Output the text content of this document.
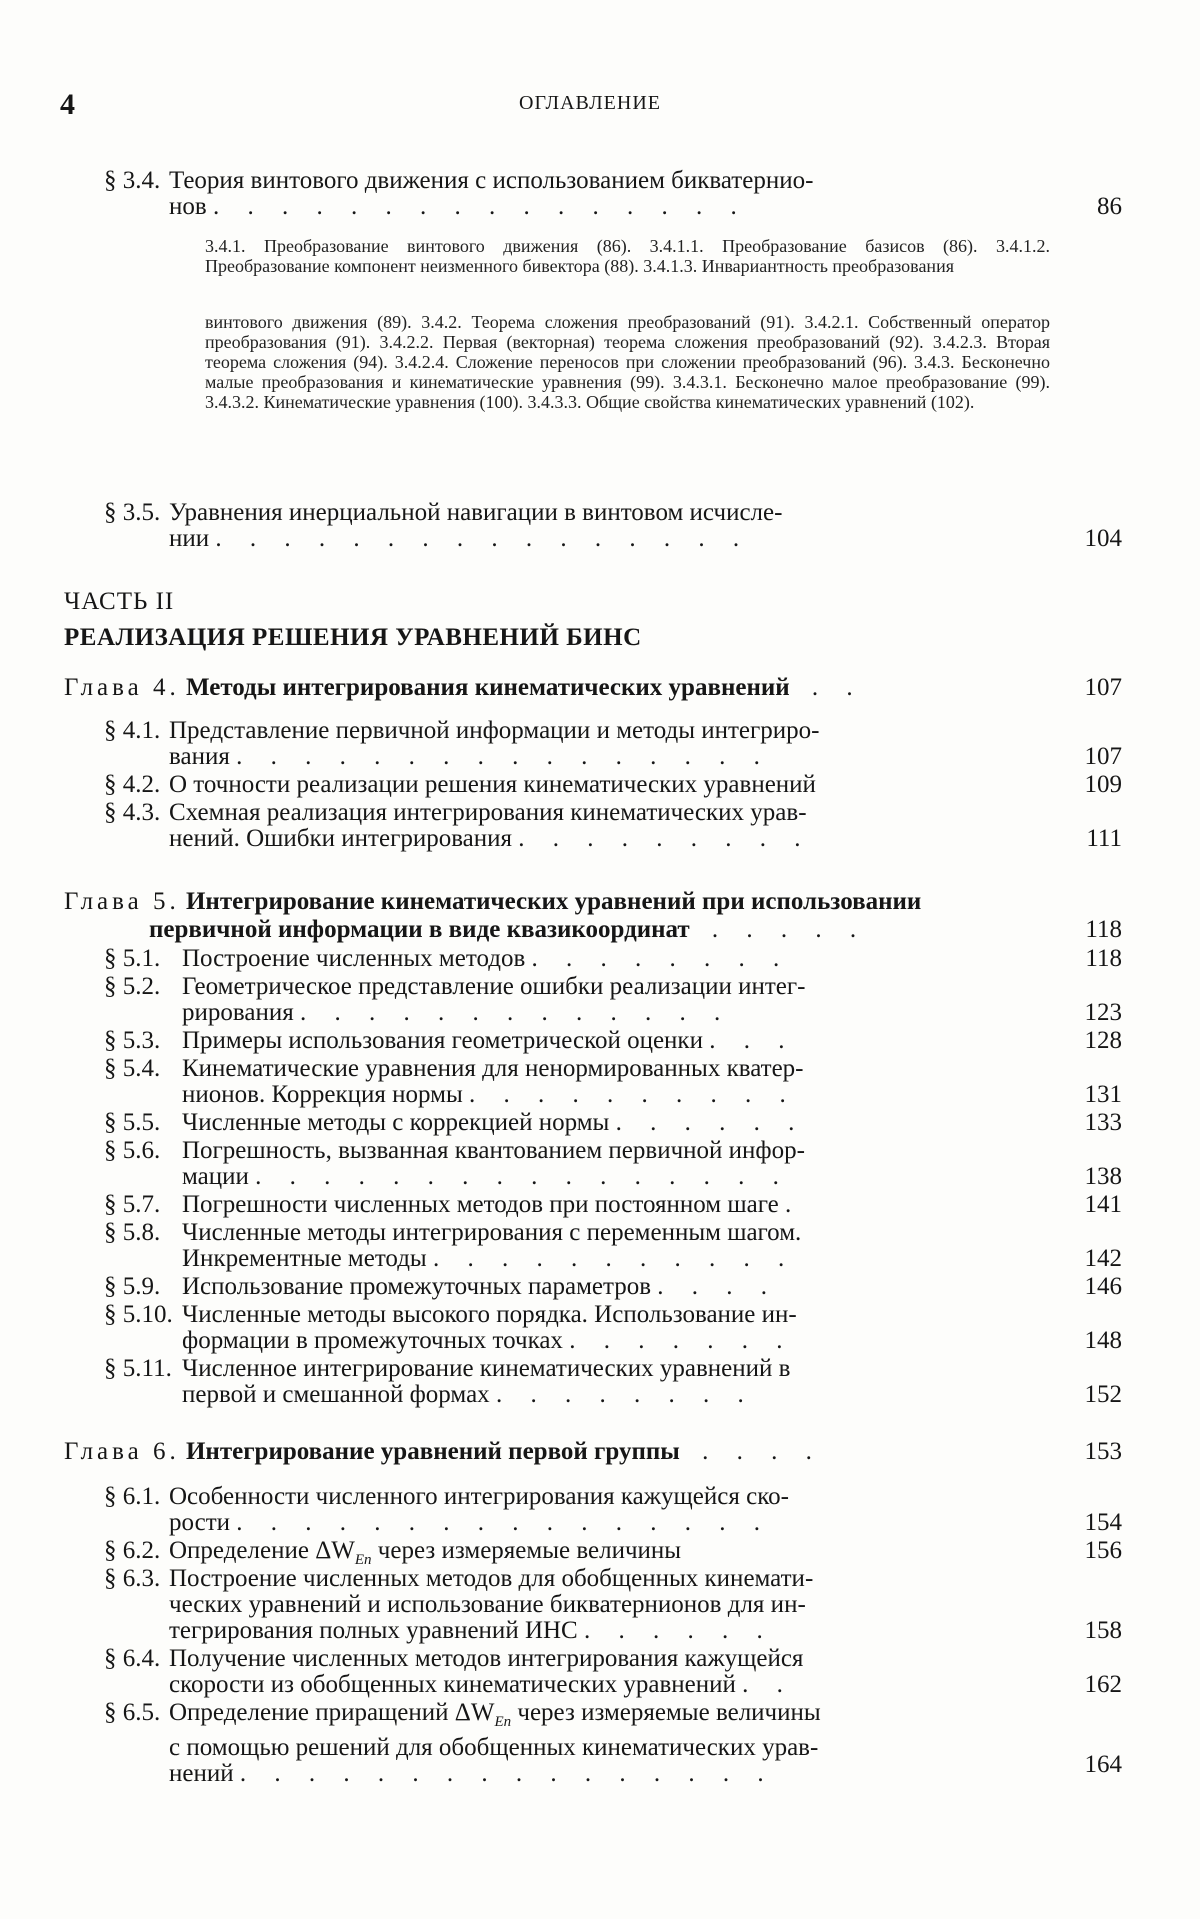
4	ОГЛАВЛЕНИЕ
§ 3.4. Теория винтового движения с использованием бикватернио-
нов . . . . . . . . . . . . . . . .	86
3.4.1. Преобразование винтового движения (86). 3.4.1.1. Преобразование базисов (86). 3.4.1.2. Преобразование компонент неизменного бивектора (88). 3.4.1.3. Инвариантность преобразования
винтового движения (89). 3.4.2. Теорема сложения преобразований (91). 3.4.2.1. Собственный оператор преобразования (91). 3.4.2.2. Первая (векторная) теорема сложения преобразований (92). 3.4.2.3. Вторая теорема сложения (94). 3.4.2.4. Сложение переносов при сложении преобразований (96). 3.4.3. Бесконечно малые преобразования и кинематические уравнения (99). 3.4.3.1. Бесконечно малое преобразование (99). 3.4.3.2. Кинематические уравнения (100). 3.4.3.3. Общие свойства кинематических уравнений (102).
§ 3.5. Уравнения инерциальной навигации в винтовом исчисле-
нии . . . . . . . . . . . . . . . .	104
ЧАСТЬ II
РЕАЛИЗАЦИЯ РЕШЕНИЯ УРАВНЕНИЙ БИНС
Глава 4. Методы интегрирования кинематических уравнений . .	107
§ 4.1. Представление первичной информации и методы интегриро-
вания . . . . . . . . . . . . . . . .	107
§ 4.2. О точности реализации решения кинематических уравнений	109
§ 4.3. Схемная реализация интегрирования кинематических урав-
нений. Ошибки интегрирования . . . . . . . . .	111
Глава 5. Интегрирование кинематических уравнений при использовании
первичной информации в виде квазикоординат . . . . .	118
§ 5.1. Построение численных методов . . . . . . . .	118
§ 5.2. Геометрическое представление ошибки реализации интег-
рирования . . . . . . . . . . . . .	123
§ 5.3. Примеры использования геометрической оценки . . .	128
§ 5.4. Кинематические уравнения для ненормированных кватер-
нионов. Коррекция нормы . . . . . . . . . .	131
§ 5.5. Численные методы с коррекцией нормы . . . . . .	133
§ 5.6. Погрешность, вызванная квантованием первичной инфор-
мации . . . . . . . . . . . . . . . .	138
§ 5.7. Погрешности численных методов при постоянном шаге .	141
§ 5.8. Численные методы интегрирования с переменным шагом.
Инкрементные методы . . . . . . . . . . .	142
§ 5.9. Использование промежуточных параметров . . . .	146
§ 5.10. Численные методы высокого порядка. Использование ин-
формации в промежуточных точках . . . . . . .	148
§ 5.11. Численное интегрирование кинематических уравнений в
первой и смешанной формах . . . . . . . .	152
Глава 6. Интегрирование уравнений первой группы . . . .	153
§ 6.1. Особенности численного интегрирования кажущейся ско-
рости . . . . . . . . . . . . . . . .	154
§ 6.2. Определение $\Delta W_{En}$ через измеряемые величины	156
§ 6.3. Построение численных методов для обобщенных кинемати-
ческих уравнений и использование бикватернионов для ин-
тегрирования полных уравнений ИНС . . . . . .	158
§ 6.4. Получение численных методов интегрирования кажущейся
скорости из обобщенных кинематических уравнений . .	162
§ 6.5. Определение приращений $\Delta W_{En}$ через измеряемые величины
с помощью решений для обобщенных кинематических урав-
нений . . . . . . . . . . . . . . . .	164
